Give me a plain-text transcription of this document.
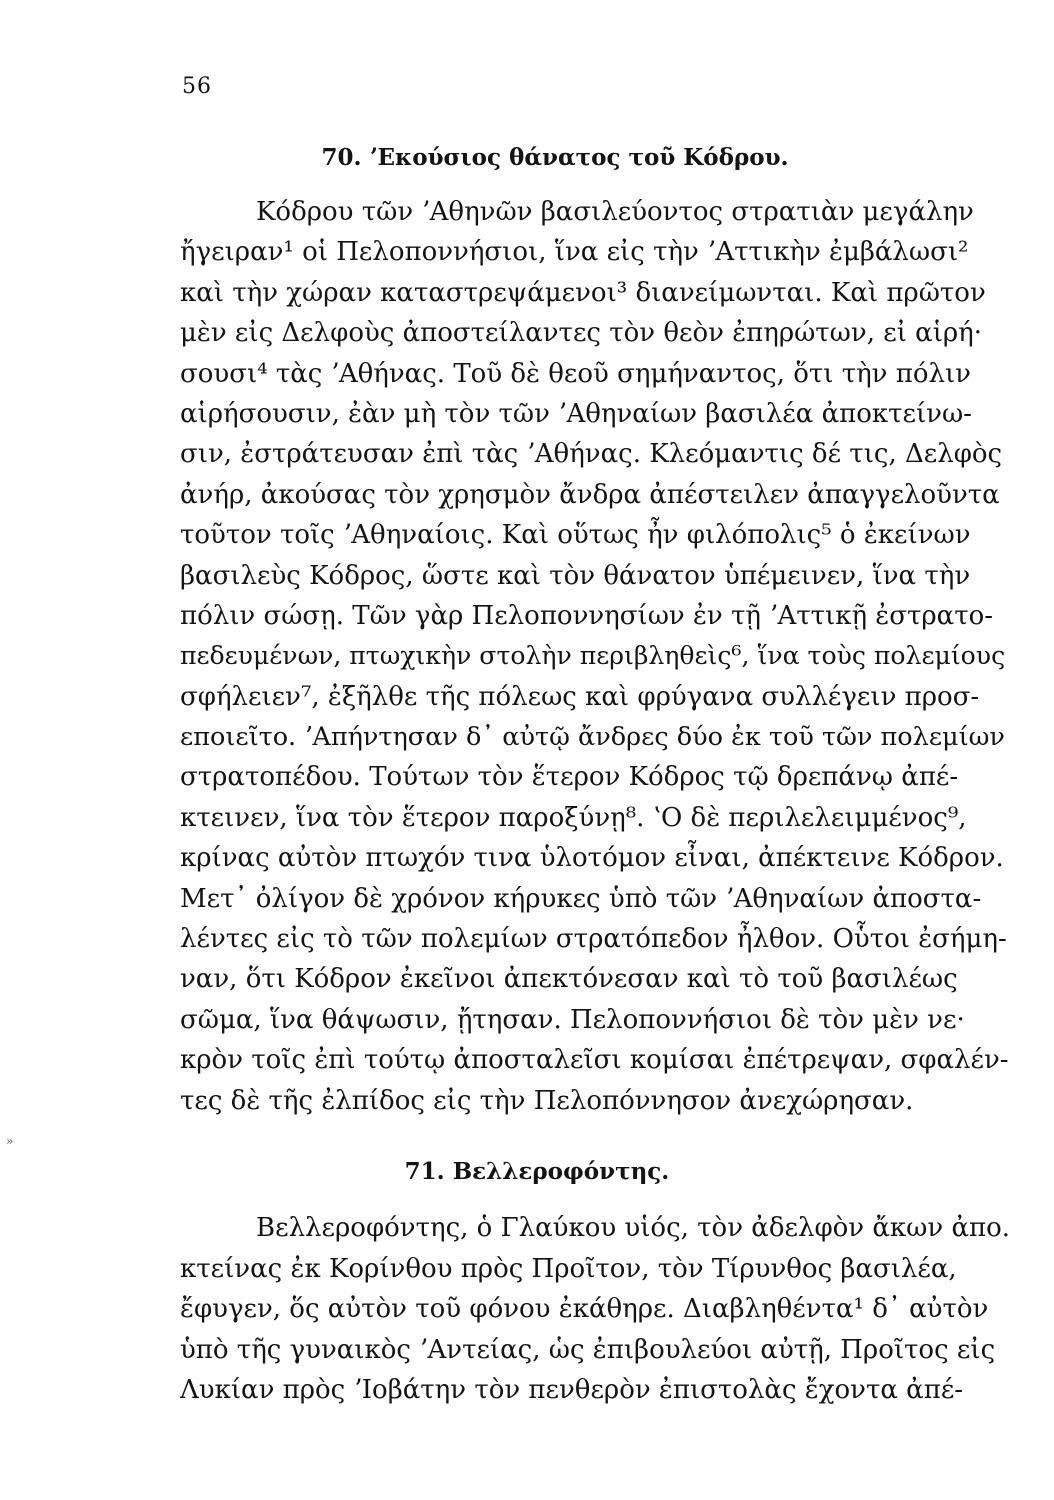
56
70. ʼΕκούσιος θάνατος τοῦ Κόδρου.
Κόδρου τῶν ʼΑθηνῶν βασιλεύοντος στρατιὰν μεγάλην
ἤγειραν¹ οἱ Πελοποννήσιοι, ἵνα εἰς τὴν ʼΑττικὴν ἐμβάλωσι²
καὶ τὴν χώραν καταστρεψάμενοι³ διανείμωνται. Καὶ πρῶτον
μὲν εἰς Δελφοὺς ἀποστείλαντες τὸν θεὸν ἐπηρώτων, εἰ αἱρή·
σουσι⁴ τὰς ʼΑθήνας. Τοῦ δὲ θεοῦ σημήναντος, ὅτι τὴν πόλιν
αἱρήσουσιν, ἐὰν μὴ τὸν τῶν ʼΑθηναίων βασιλέα ἀποκτείνω-
σιν, ἐστράτευσαν ἐπὶ τὰς ʼΑθήνας. Κλεόμαντις δέ τις, Δελφὸς
ἀνήρ, ἀκούσας τὸν χρησμὸν ἄνδρα ἀπέστειλεν ἀπαγγελοῦντα
τοῦτον τοῖς ʼΑθηναίοις. Καὶ οὕτως ἦν φιλόπολις⁵ ὁ ἐκείνων
βασιλεὺς Κόδρος, ὥστε καὶ τὸν θάνατον ὑπέμεινεν, ἵνα τὴν
πόλιν σώσῃ. Τῶν γὰρ Πελοποννησίων ἐν τῇ ʼΑττικῇ ἐστρατο-
πεδευμένων, πτωχικὴν στολὴν περιβληθεὶς⁶, ἵνα τοὺς πολεμίους
σφήλειεν⁷, ἐξῆλθε τῆς πόλεως καὶ φρύγανα συλλέγειν προσ-
εποιεῖτο. ʼΑπήντησαν δ᾿ αὐτῷ ἄνδρες δύο ἐκ τοῦ τῶν πολεμίων
στρατοπέδου. Τούτων τὸν ἕτερον Κόδρος τῷ δρεπάνῳ ἀπέ-
κτεινεν, ἵνα τὸν ἕτερον παροξύνῃ⁸. ʽΟ δὲ περιλελειμμένος⁹,
κρίνας αὐτὸν πτωχόν τινα ὑλοτόμον εἶναι, ἀπέκτεινε Κόδρον.
Μετ᾿ ὀλίγον δὲ χρόνον κήρυκες ὑπὸ τῶν ʼΑθηναίων ἀποστα-
λέντες εἰς τὸ τῶν πολεμίων στρατόπεδον ἦλθον. Οὗτοι ἐσήμη-
ναν, ὅτι Κόδρον ἐκεῖνοι ἀπεκτόνεσαν καὶ τὸ τοῦ βασιλέως
σῶμα, ἵνα θάψωσιν, ᾔτησαν. Πελοποννήσιοι δὲ τὸν μὲν νε·
κρὸν τοῖς ἐπὶ τούτῳ ἀποσταλεῖσι κομίσαι ἐπέτρεψαν, σφαλέν-
τες δὲ τῆς ἐλπίδος εἰς τὴν Πελοπόννησον ἀνεχώρησαν.
»
71. Βελλεροφόντης.
Βελλεροφόντης, ὁ Γλαύκου υἱός, τὸν ἀδελφὸν ἄκων ἀπο.
κτείνας ἐκ Κορίνθου πρὸς Προῖτον, τὸν Τίρυνθος βασιλέα,
ἔφυγεν, ὅς αὐτὸν τοῦ φόνου ἐκάθηρε. Διαβληθέντα¹ δ᾿ αὐτὸν
ὑπὸ τῆς γυναικὸς ʼΑντείας, ὡς ἐπιβουλεύοι αὐτῇ, Προῖτος εἰς
Λυκίαν πρὸς ʼΙοβάτην τὸν πενθερὸν ἐπιστολὰς ἔχοντα ἀπέ-
